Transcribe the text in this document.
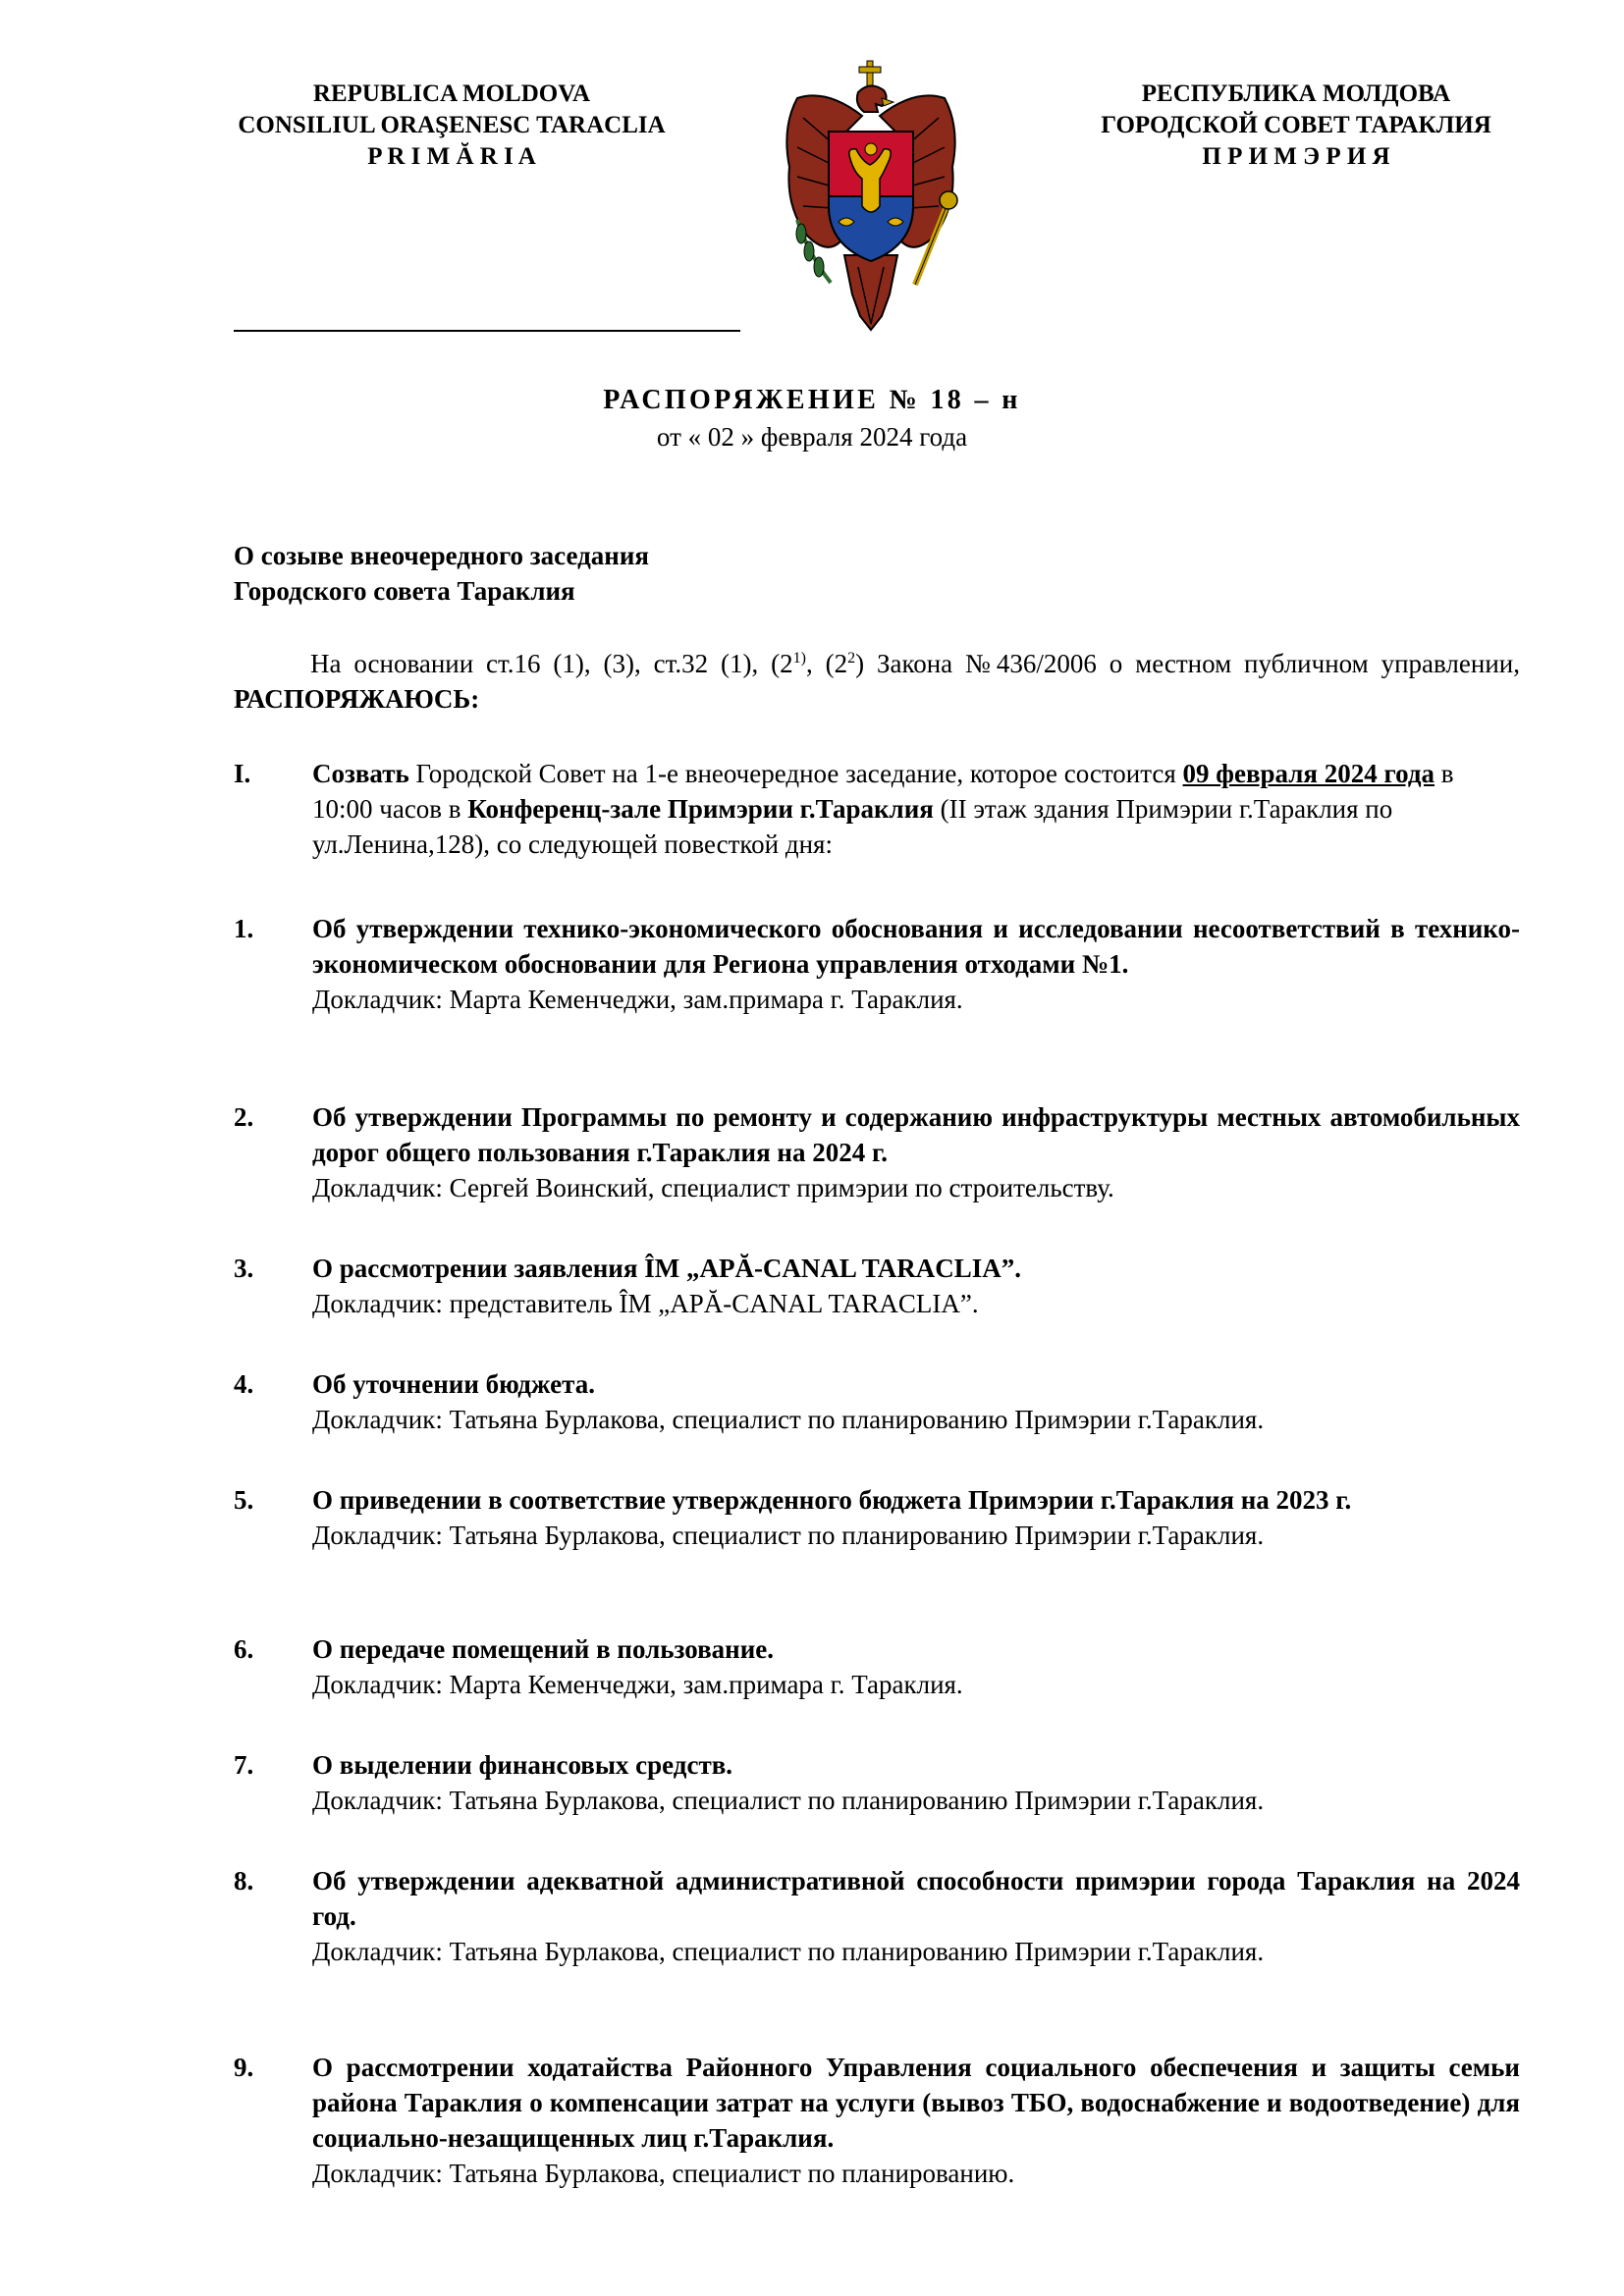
REPUBLICA MOLDOVA
CONSILIUL ORAŞENESC TARACLIA
P R I M Ă R I A
РЕСПУБЛИКА МОЛДОВА
ГОРОДСКОЙ СОВЕТ ТАРАКЛИЯ
П Р И М Э Р И Я
РАСПОРЯЖЕНИЕ № 18 – н
от « 02 » февраля 2024 года
О созыве внеочередного заседания
Городского совета Тараклия
На основании ст.16 (1), (3), ст.32 (1), (2$^{1)}$, $(2^2)$ Закона №436/2006 о местном публичном управлении, РАСПОРЯЖАЮСЬ:
I. Созвать Городской Совет на 1-е внеочередное заседание, которое состоится 09 февраля 2024 года в 10:00 часов в Конференц-зале Примэрии г.Тараклия (II этаж здания Примэрии г.Тараклия по ул.Ленина,128), со следующей повесткой дня:
1. Об утверждении технико-экономического обоснования и исследовании несоответствий в технико-экономическом обосновании для Региона управления отходами №1.
Докладчик: Марта Кеменчеджи, зам.примара г. Тараклия.
2. Об утверждении Программы по ремонту и содержанию инфраструктуры местных автомобильных дорог общего пользования г.Тараклия на 2024 г.
Докладчик: Сергей Воинский, специалист примэрии по строительству.
3. О рассмотрении заявления ÎM „APĂ-CANAL TARACLIA”.
Докладчик: представитель ÎM „APĂ-CANAL TARACLIA”.
4. Об уточнении бюджета.
Докладчик: Татьяна Бурлакова, специалист по планированию Примэрии г.Тараклия.
5. О приведении в соответствие утвержденного бюджета Примэрии г.Тараклия на 2023 г.
Докладчик: Татьяна Бурлакова, специалист по планированию Примэрии г.Тараклия.
6. О передаче помещений в пользование.
Докладчик: Марта Кеменчеджи, зам.примара г. Тараклия.
7. О выделении финансовых средств.
Докладчик: Татьяна Бурлакова, специалист по планированию Примэрии г.Тараклия.
8. Об утверждении адекватной административной способности примэрии города Тараклия на 2024 год.
Докладчик: Татьяна Бурлакова, специалист по планированию Примэрии г.Тараклия.
9. О рассмотрении ходатайства Районного Управления социального обеспечения и защиты семьи района Тараклия о компенсации затрат на услуги (вывоз ТБО, водоснабжение и водоотведение) для социально-незащищенных лиц г.Тараклия.
Докладчик: Татьяна Бурлакова, специалист по планированию.
